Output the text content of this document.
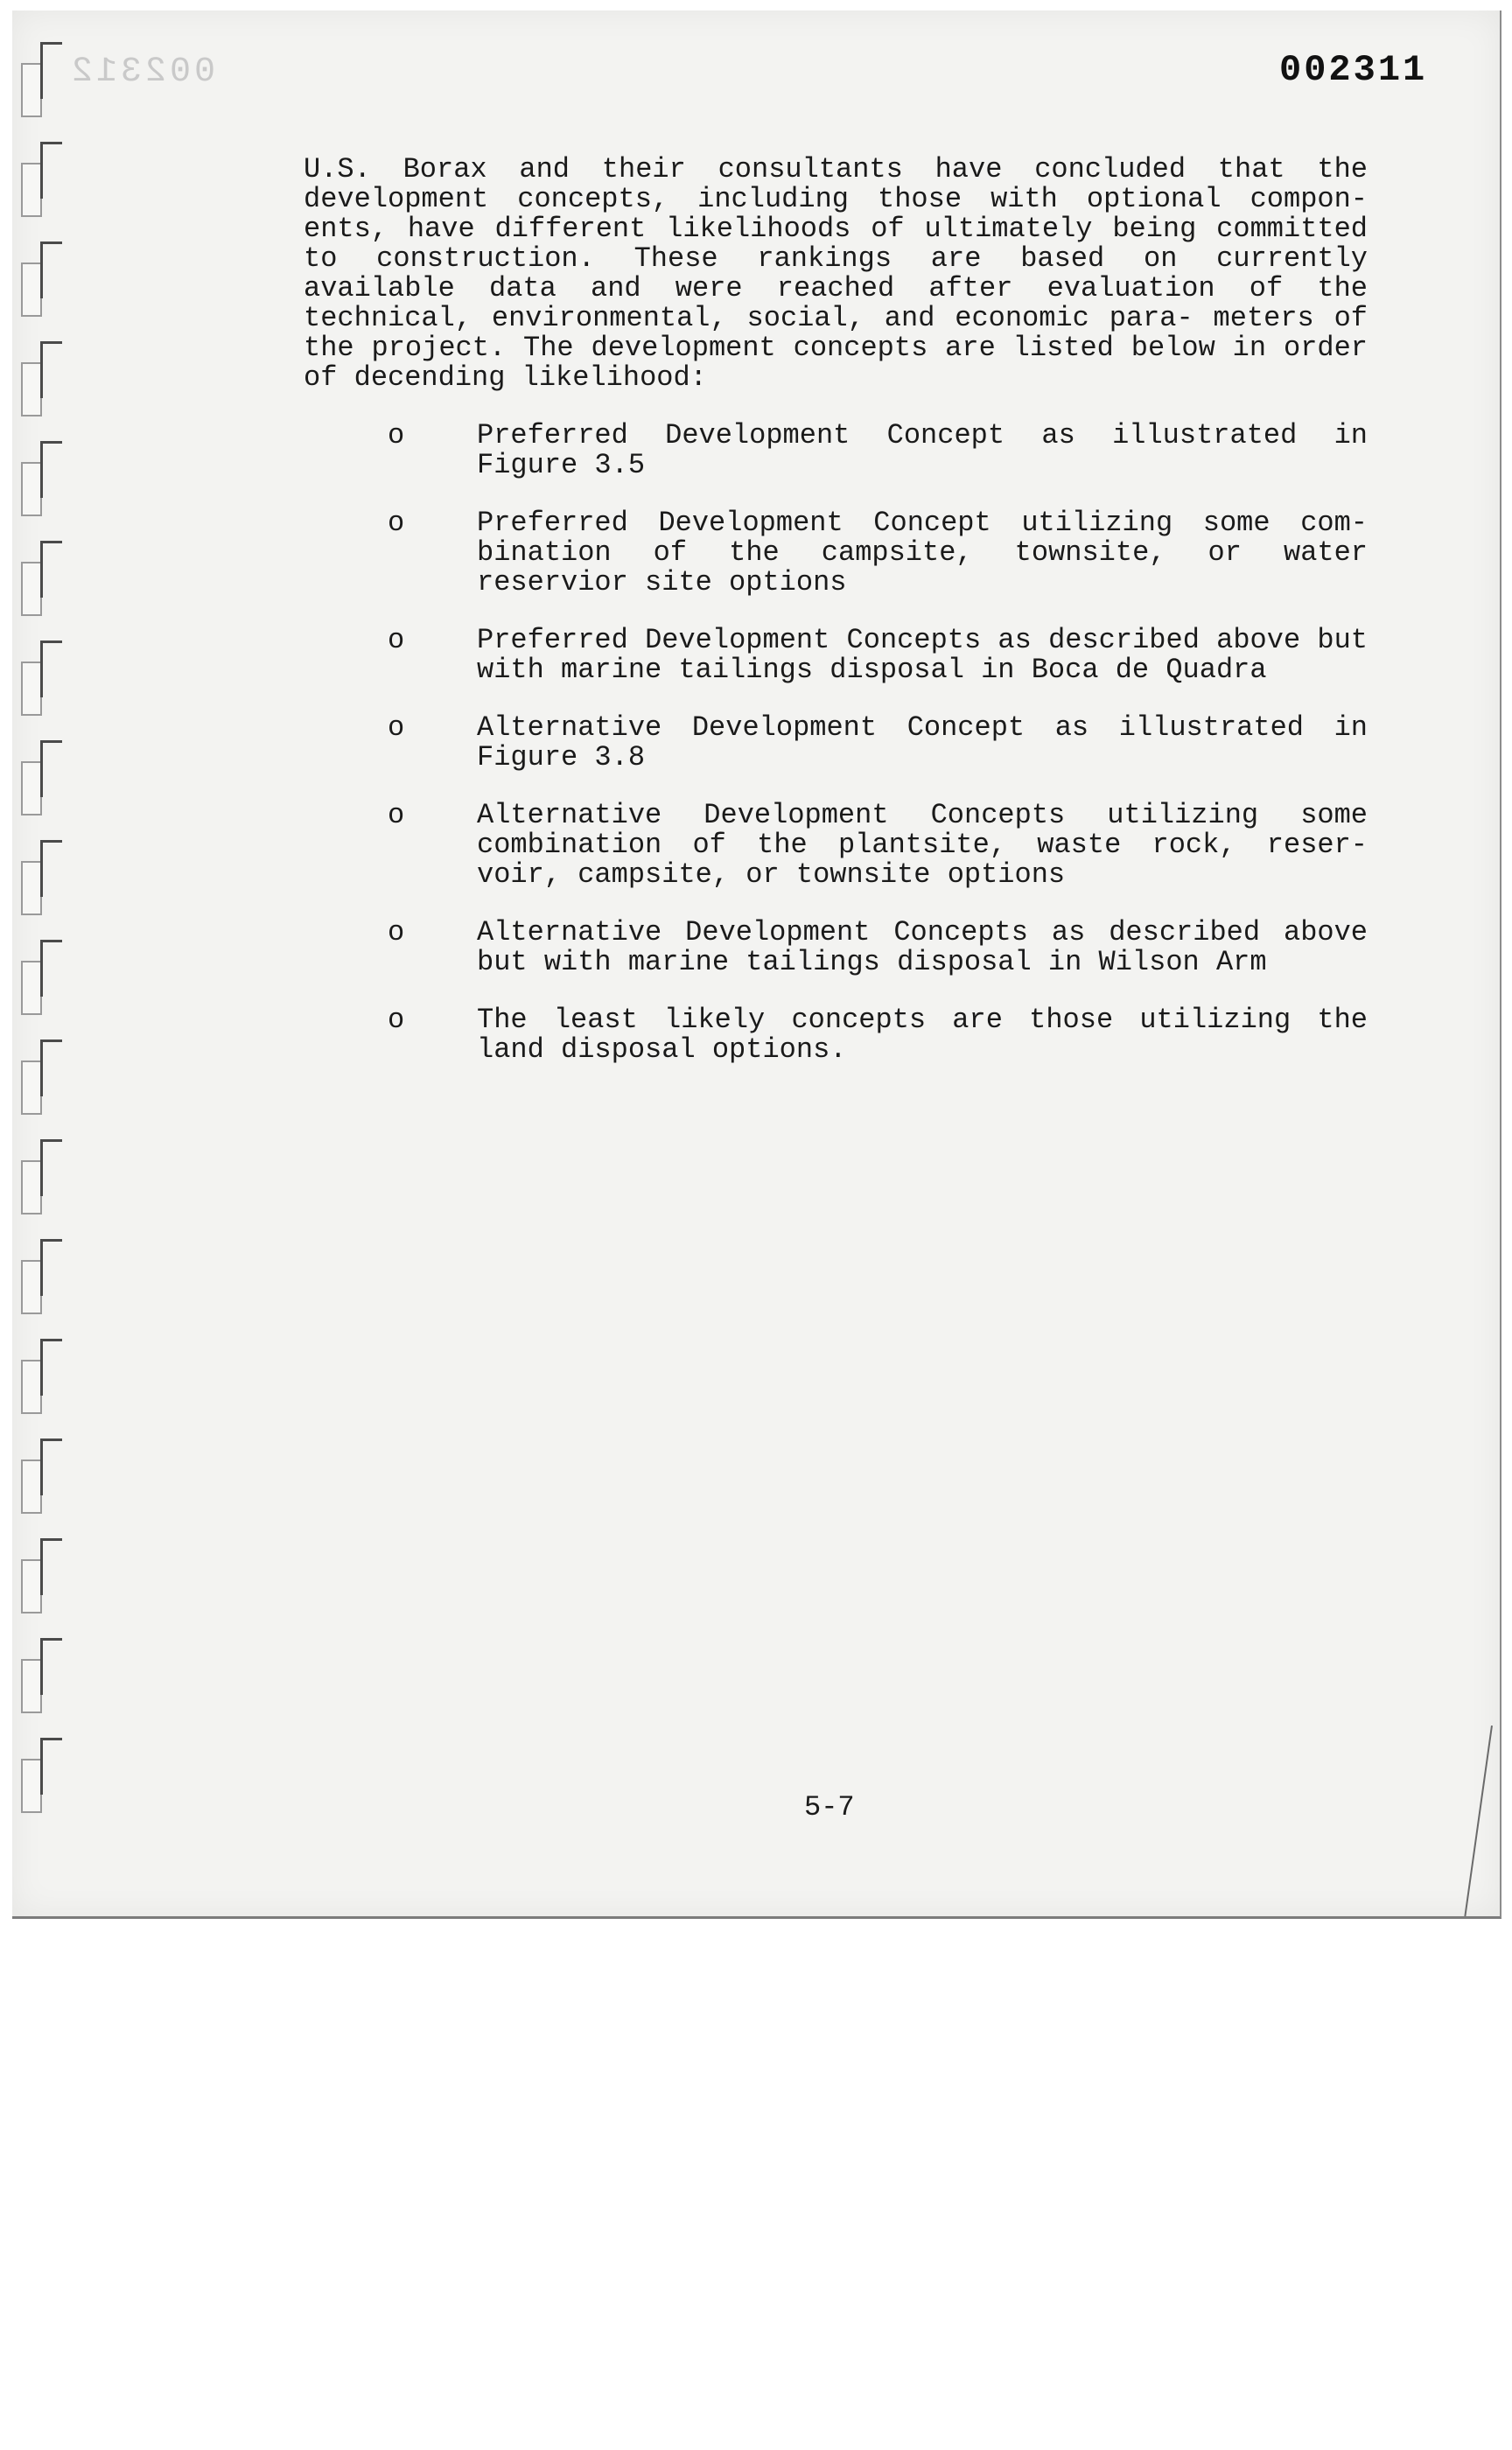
002312	002311

U.S. Borax and their consultants have concluded that the development concepts, including those with optional compon- ents, have different likelihoods of ultimately being committed to construction. These rankings are based on currently available data and were reached after evaluation of the technical, environmental, social, and economic para- meters of the project. The development concepts are listed below in order of decending likelihood:

o	Preferred Development Concept as illustrated in Figure 3.5
o	Preferred Development Concept utilizing some com- bination of the campsite, townsite, or water reservior site options
o	Preferred Development Concepts as described above but with marine tailings disposal in Boca de Quadra
o	Alternative Development Concept as illustrated in Figure 3.8
o	Alternative Development Concepts utilizing some combination of the plantsite, waste rock, reser- voir, campsite, or townsite options
o	Alternative Development Concepts as described above but with marine tailings disposal in Wilson Arm
o	The least likely concepts are those utilizing the land disposal options.
5-7
